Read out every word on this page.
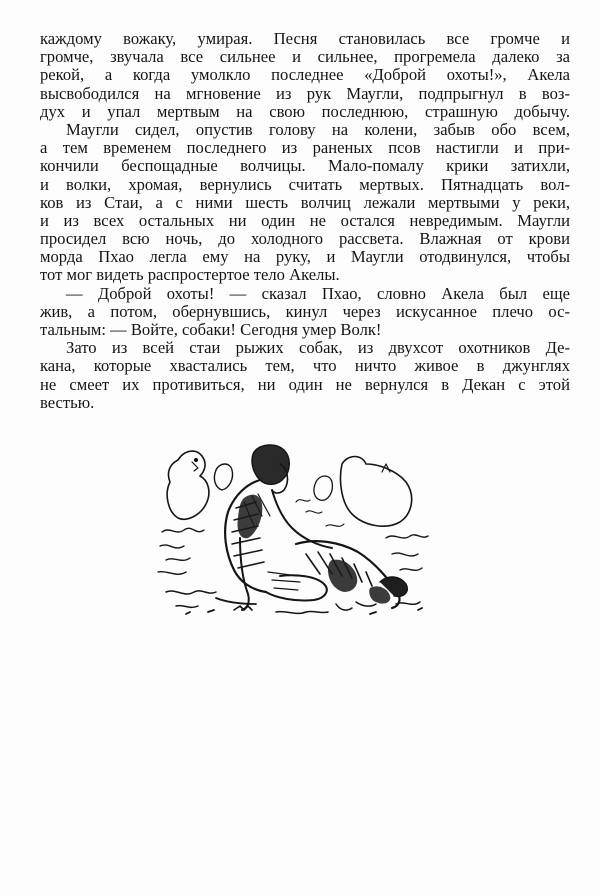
каждому вожаку, умирая. Песня становилась все громче и
громче, звучала все сильнее и сильнее, прогремела далеко за
рекой, а когда умолкло последнее «Доброй охоты!», Акела
высвободился на мгновение из рук Маугли, подпрыгнул в воз-
дух и упал мертвым на свою последнюю, страшную добычу.
Маугли сидел, опустив голову на колени, забыв обо всем,
а тем временем последнего из раненых псов настигли и при-
кончили беспощадные волчицы. Мало-помалу крики затихли,
и волки, хромая, вернулись считать мертвых. Пятнадцать вол-
ков из Стаи, а с ними шесть волчиц лежали мертвыми у реки,
и из всех остальных ни один не остался невредимым. Маугли
просидел всю ночь, до холодного рассвета. Влажная от крови
морда Пхао легла ему на руку, и Маугли отодвинулся, чтобы
тот мог видеть распростертое тело Акелы.
— Доброй охоты! — сказал Пхао, словно Акела был еще
жив, а потом, обернувшись, кинул через искусанное плечо ос-
тальным: — Войте, собаки! Сегодня умер Волк!
Зато из всей стаи рыжих собак, из двухсот охотников Де-
кана, которые хвастались тем, что ничто живое в джунглях
не смеет их противиться, ни один не вернулся в Декан с этой
вестью.
